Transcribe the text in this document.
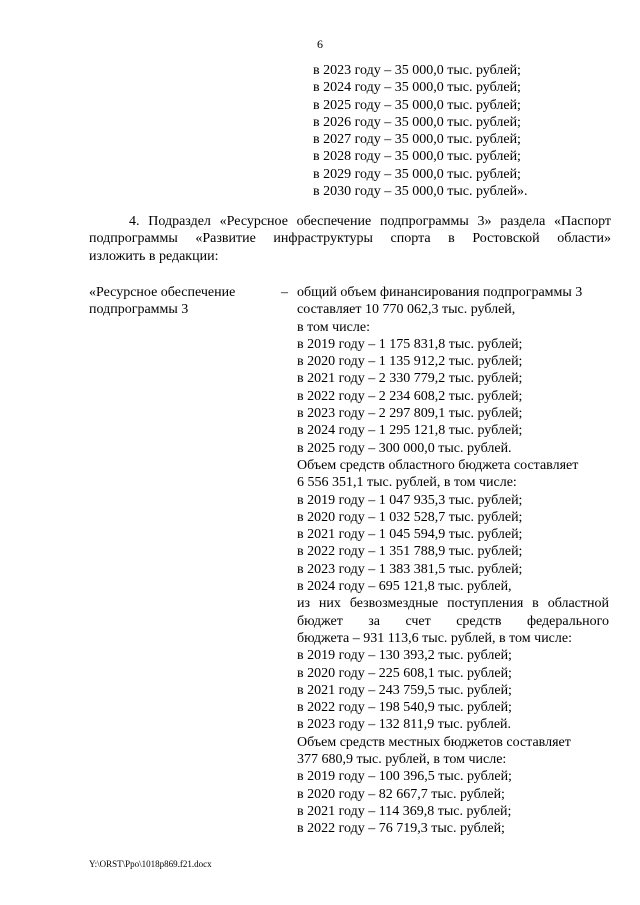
6
в 2023 году – 35 000,0 тыс. рублей;
в 2024 году – 35 000,0 тыс. рублей;
в 2025 году – 35 000,0 тыс. рублей;
в 2026 году – 35 000,0 тыс. рублей;
в 2027 году – 35 000,0 тыс. рублей;
в 2028 году – 35 000,0 тыс. рублей;
в 2029 году – 35 000,0 тыс. рублей;
в 2030 году – 35 000,0 тыс. рублей».
4. Подраздел «Ресурсное обеспечение подпрограммы 3» раздела «Паспорт
подпрограммы «Развитие инфраструктуры спорта в Ростовской области»
изложить в редакции:
«Ресурсное обеспечение
подпрограммы 3
– общий объем финансирования подпрограммы 3
составляет 10 770 062,3 тыс. рублей,
в том числе:
в 2019 году – 1 175 831,8 тыс. рублей;
в 2020 году – 1 135 912,2 тыс. рублей;
в 2021 году – 2 330 779,2 тыс. рублей;
в 2022 году – 2 234 608,2 тыс. рублей;
в 2023 году – 2 297 809,1 тыс. рублей;
в 2024 году – 1 295 121,8 тыс. рублей;
в 2025 году – 300 000,0 тыс. рублей.
Объем средств областного бюджета составляет
6 556 351,1 тыс. рублей, в том числе:
в 2019 году – 1 047 935,3 тыс. рублей;
в 2020 году – 1 032 528,7 тыс. рублей;
в 2021 году – 1 045 594,9 тыс. рублей;
в 2022 году – 1 351 788,9 тыс. рублей;
в 2023 году – 1 383 381,5 тыс. рублей;
в 2024 году – 695 121,8 тыс. рублей,
из них безвозмездные поступления в областной
бюджет за счет средств федерального
бюджета – 931 113,6 тыс. рублей, в том числе:
в 2019 году – 130 393,2 тыс. рублей;
в 2020 году – 225 608,1 тыс. рублей;
в 2021 году – 243 759,5 тыс. рублей;
в 2022 году – 198 540,9 тыс. рублей;
в 2023 году – 132 811,9 тыс. рублей.
Объем средств местных бюджетов составляет
377 680,9 тыс. рублей, в том числе:
в 2019 году – 100 396,5 тыс. рублей;
в 2020 году – 82 667,7 тыс. рублей;
в 2021 году – 114 369,8 тыс. рублей;
в 2022 году – 76 719,3 тыс. рублей;
Y:\ORST\Ppo\1018p869.f21.docx
